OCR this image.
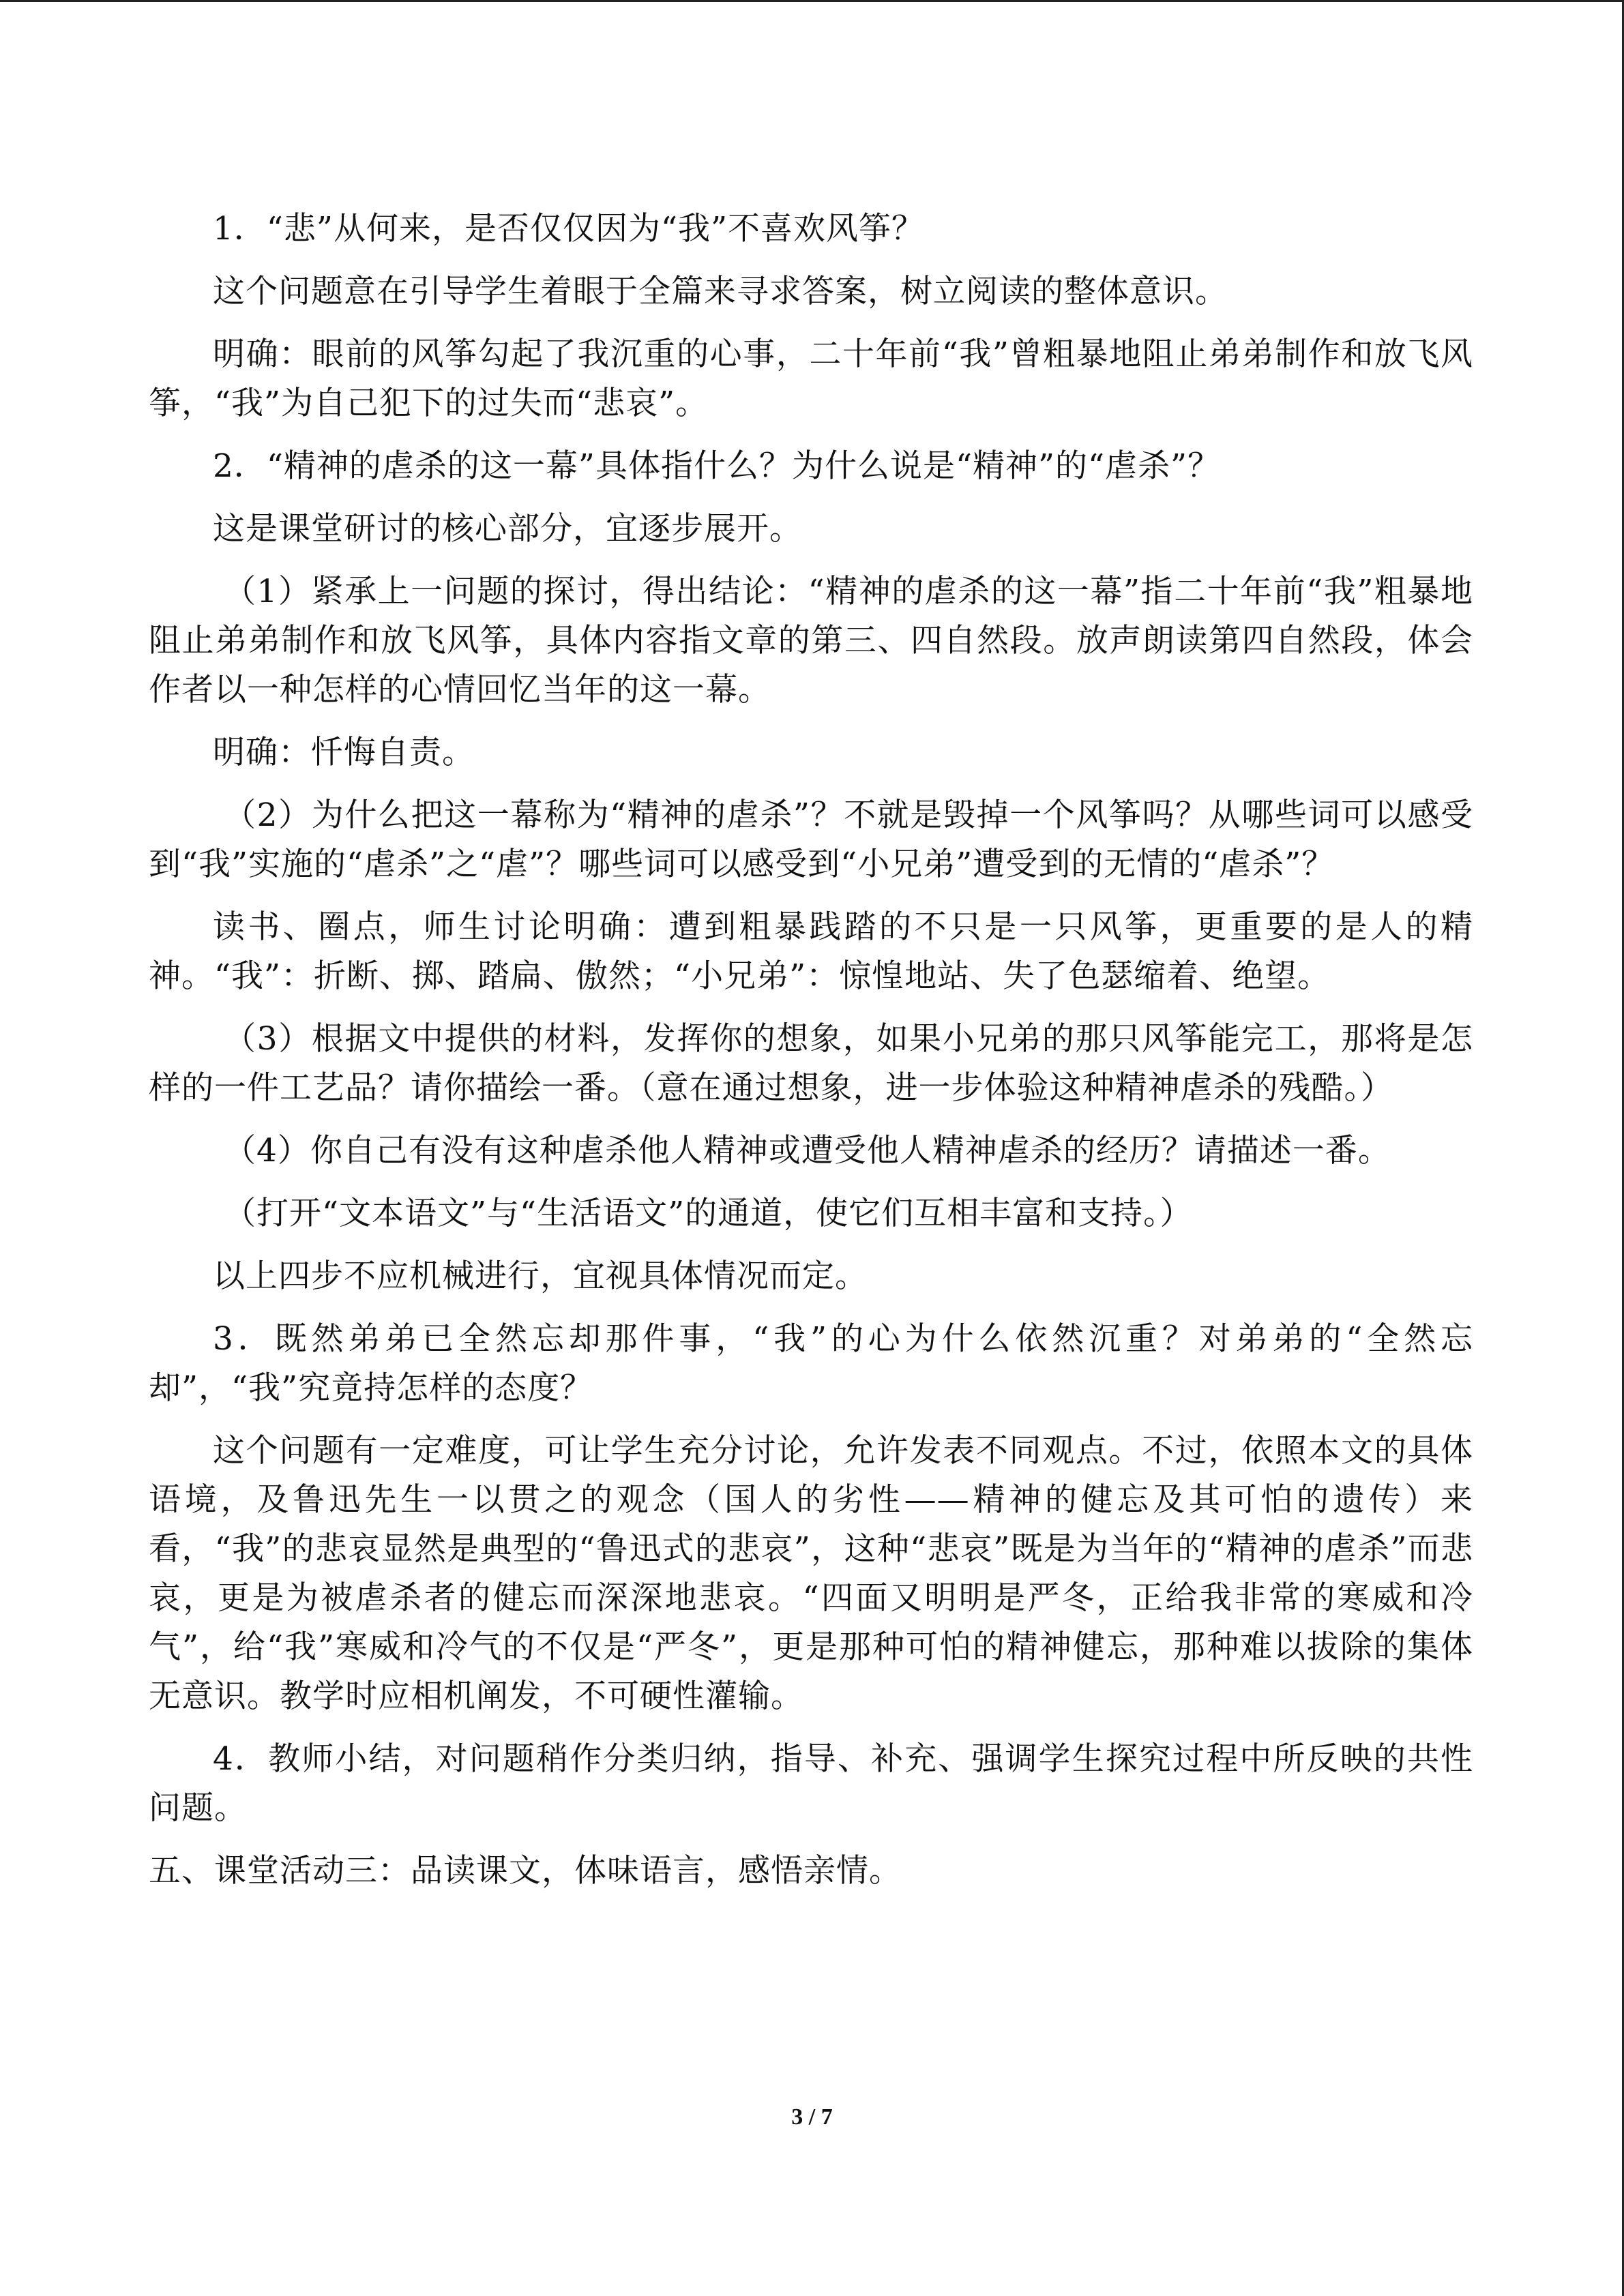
1．“悲”从何来，是否仅仅因为“我”不喜欢风筝？

这个问题意在引导学生着眼于全篇来寻求答案，树立阅读的整体意识。

明确：眼前的风筝勾起了我沉重的心事，二十年前“我”曾粗暴地阻止弟弟制作和放飞风筝，“我”为自己犯下的过失而“悲哀”。

2．“精神的虐杀的这一幕”具体指什么？为什么说是“精神”的“虐杀”？

这是课堂研讨的核心部分，宜逐步展开。

（1）紧承上一问题的探讨，得出结论：“精神的虐杀的这一幕”指二十年前“我”粗暴地阻止弟弟制作和放飞风筝，具体内容指文章的第三、四自然段。放声朗读第四自然段，体会作者以一种怎样的心情回忆当年的这一幕。

明确：忏悔自责。

（2）为什么把这一幕称为“精神的虐杀”？不就是毁掉一个风筝吗？从哪些词可以感受到“我”实施的“虐杀”之“虐”？哪些词可以感受到“小兄弟”遭受到的无情的“虐杀”？

读书、圈点，师生讨论明确：遭到粗暴践踏的不只是一只风筝，更重要的是人的精神。“我”：折断、掷、踏扁、傲然；“小兄弟”：惊惶地站、失了色瑟缩着、绝望。

（3）根据文中提供的材料，发挥你的想象，如果小兄弟的那只风筝能完工，那将是怎样的一件工艺品？请你描绘一番。（意在通过想象，进一步体验这种精神虐杀的残酷。）

（4）你自己有没有这种虐杀他人精神或遭受他人精神虐杀的经历？请描述一番。

（打开“文本语文”与“生活语文”的通道，使它们互相丰富和支持。）

以上四步不应机械进行，宜视具体情况而定。

3．既然弟弟已全然忘却那件事，“我”的心为什么依然沉重？对弟弟的“全然忘却”，“我”究竟持怎样的态度？

这个问题有一定难度，可让学生充分讨论，允许发表不同观点。不过，依照本文的具体语境，及鲁迅先生一以贯之的观念（国人的劣性——精神的健忘及其可怕的遗传）来看，“我”的悲哀显然是典型的“鲁迅式的悲哀”，这种“悲哀”既是为当年的“精神的虐杀”而悲哀，更是为被虐杀者的健忘而深深地悲哀。“四面又明明是严冬，正给我非常的寒威和冷气”，给“我”寒威和冷气的不仅是“严冬”，更是那种可怕的精神健忘，那种难以拔除的集体无意识。教学时应相机阐发，不可硬性灌输。

4．教师小结，对问题稍作分类归纳，指导、补充、强调学生探究过程中所反映的共性问题。

五、课堂活动三：品读课文，体味语言，感悟亲情。

3 / 7
